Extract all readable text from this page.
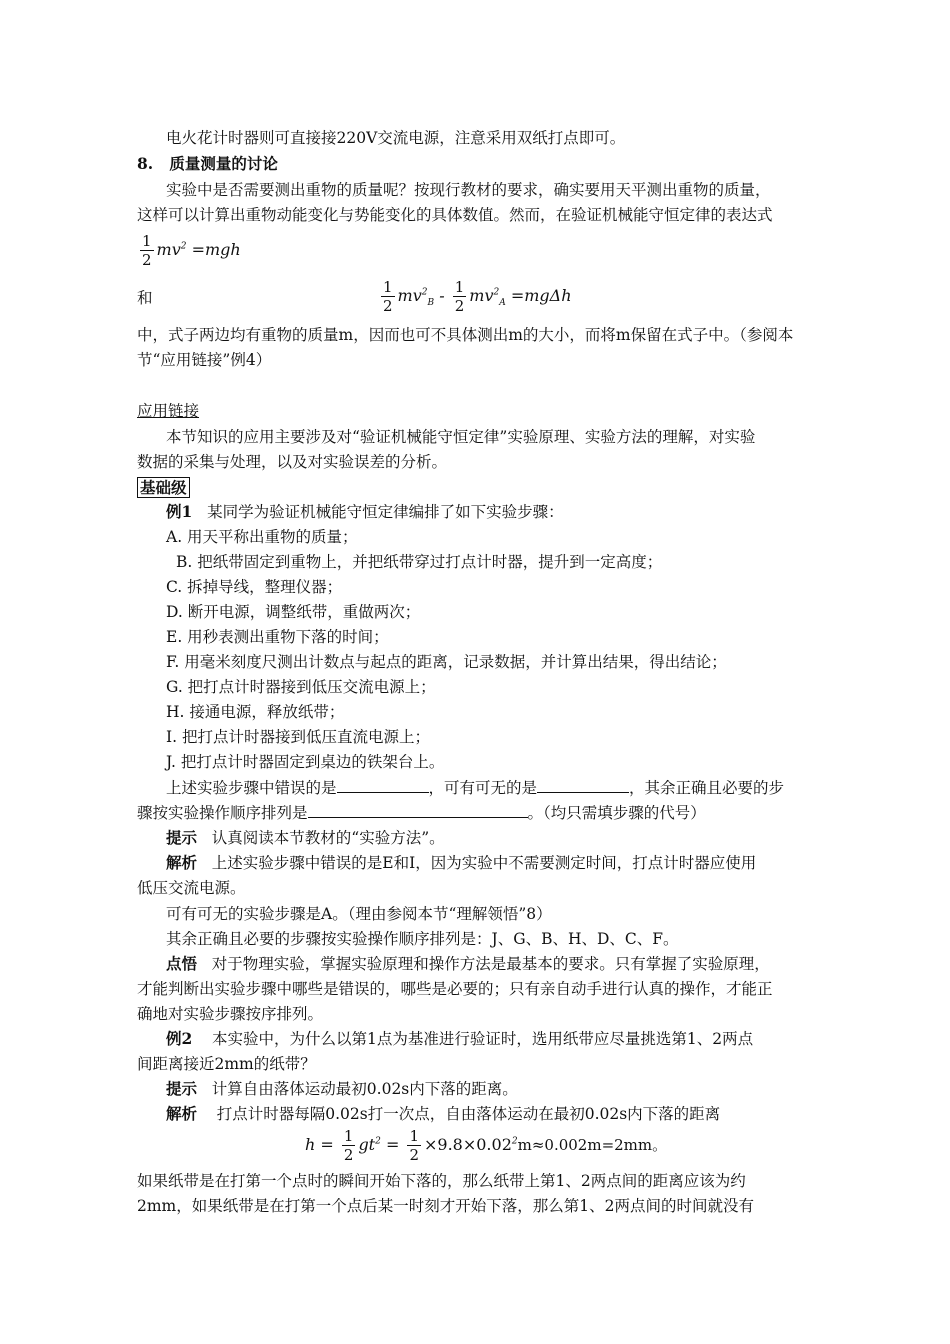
电火花计时器则可直接接220V交流电源，注意采用双纸打点即可。
8. 质量测量的讨论
实验中是否需要测出重物的质量呢？按现行教材的要求，确实要用天平测出重物的质量，
这样可以计算出重物动能变化与势能变化的具体数值。然而，在验证机械能守恒定律的表达式
$\frac{1}{2} mv^2 =mgh$
和	$\frac{1}{2} mv^2_B - \frac{1}{2} mv^2_A =mg\Delta h$
中，式子两边均有重物的质量m，因而也可不具体测出m的大小，而将m保留在式子中。（参阅本
节“应用链接”例4）
应用链接
本节知识的应用主要涉及对“验证机械能守恒定律”实验原理、实验方法的理解，对实验
数据的采集与处理，以及对实验误差的分析。
基础级
例1 某同学为验证机械能守恒定律编排了如下实验步骤：
A. 用天平称出重物的质量；
B. 把纸带固定到重物上，并把纸带穿过打点计时器，提升到一定高度；
C. 拆掉导线，整理仪器；
D. 断开电源，调整纸带，重做两次；
E. 用秒表测出重物下落的时间；
F. 用毫米刻度尺测出计数点与起点的距离，记录数据，并计算出结果，得出结论；
G. 把打点计时器接到低压交流电源上；
H. 接通电源，释放纸带；
I. 把打点计时器接到低压直流电源上；
J. 把打点计时器固定到桌边的铁架台上。
上述实验步骤中错误的是	，可有可无的是	，其余正确且必要的步
骤按实验操作顺序排列是	。（均只需填步骤的代号）
提示 认真阅读本节教材的“实验方法”。
解析 上述实验步骤中错误的是E和I，因为实验中不需要测定时间，打点计时器应使用
低压交流电源。
可有可无的实验步骤是A。（理由参阅本节“理解领悟”8）
其余正确且必要的步骤按实验操作顺序排列是：J、G、B、H、D、C、F。
点悟 对于物理实验，掌握实验原理和操作方法是最基本的要求。只有掌握了实验原理，
才能判断出实验步骤中哪些是错误的，哪些是必要的；只有亲自动手进行认真的操作，才能正
确地对实验步骤按序排列。
例2 本实验中，为什么以第1点为基准进行验证时，选用纸带应尽量挑选第1、2两点
间距离接近2mm的纸带？
提示 计算自由落体运动最初0.02s内下落的距离。
解析 打点计时器每隔0.02s打一次点，自由落体运动在最初0.02s内下落的距离
$h = \frac{1}{2} gt^2 = \frac{1}{2} \times 9.8\times 0.02^2m\approx 0.002m=2mm$。
如果纸带是在打第一个点时的瞬间开始下落的，那么纸带上第1、2两点间的距离应该为约
2mm，如果纸带是在打第一个点后某一时刻才开始下落，那么第1、2两点间的时间就没有
